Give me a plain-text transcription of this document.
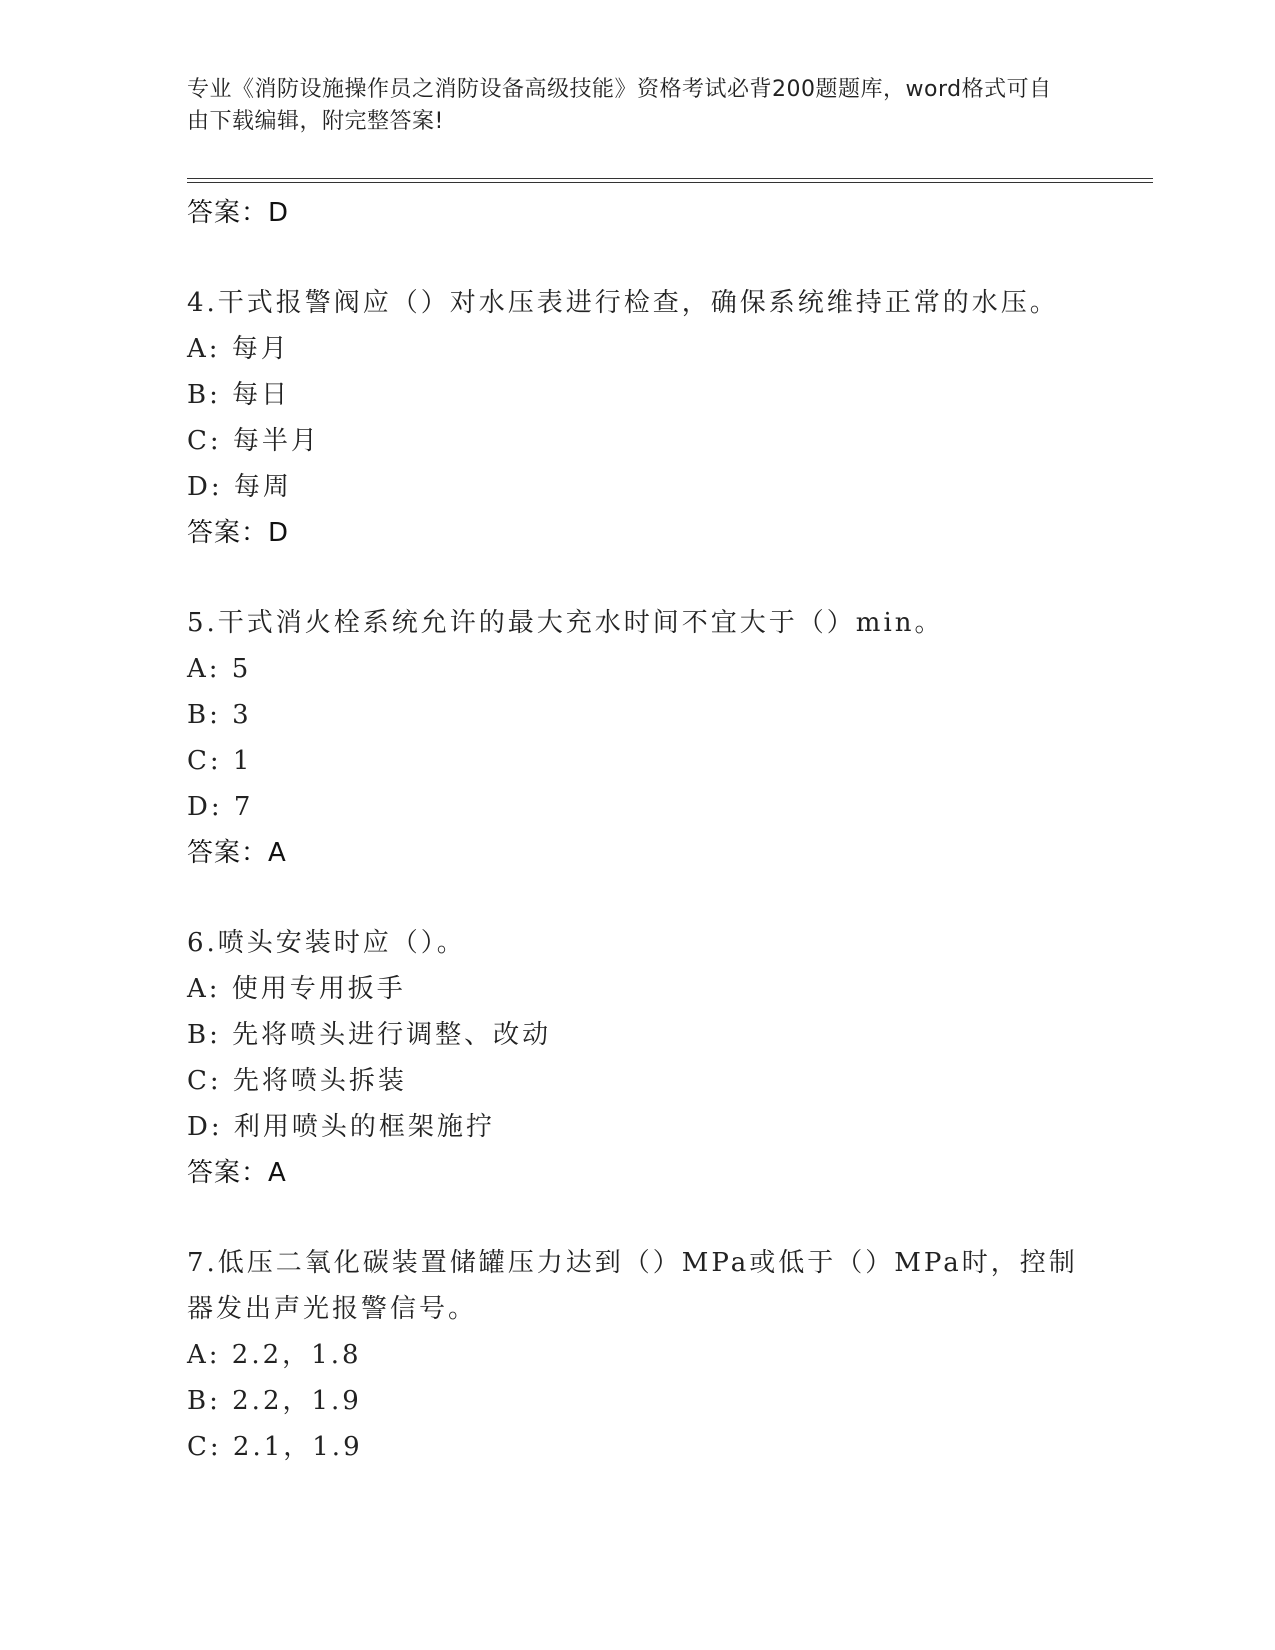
专业《消防设施操作员之消防设备高级技能》资格考试必背200题题库，word格式可自由下载编辑，附完整答案!
答案：D
4.干式报警阀应（）对水压表进行检查，确保系统维持正常的水压。
A: 每月
B: 每日
C: 每半月
D: 每周
答案：D
5.干式消火栓系统允许的最大充水时间不宜大于（）min。
A: 5
B: 3
C: 1
D: 7
答案：A
6.喷头安装时应（）。
A: 使用专用扳手
B: 先将喷头进行调整、改动
C: 先将喷头拆装
D: 利用喷头的框架施拧
答案：A
7.低压二氧化碳装置储罐压力达到（）MPa或低于（）MPa时，控制器发出声光报警信号。
A: 2.2，1.8
B: 2.2，1.9
C: 2.1，1.9
